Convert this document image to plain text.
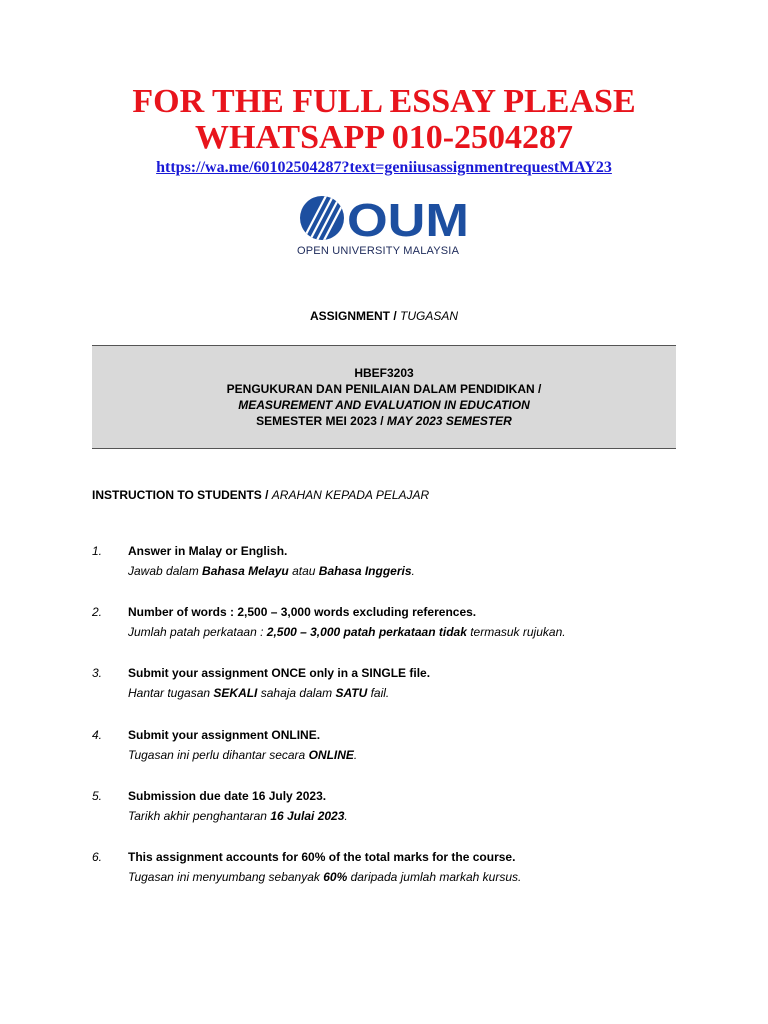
FOR THE FULL ESSAY PLEASE
WHATSAPP 010-2504287
https://wa.me/60102504287?text=geniiusassignmentrequestMAY23
OUM
OPEN UNIVERSITY MALAYSIA
ASSIGNMENT / TUGASAN
HBEF3203
PENGUKURAN DAN PENILAIAN DALAM PENDIDIKAN /
MEASUREMENT AND EVALUATION IN EDUCATION
SEMESTER MEI 2023 / MAY 2023 SEMESTER
INSTRUCTION TO STUDENTS / ARAHAN KEPADA PELAJAR
1. Answer in Malay or English.
Jawab dalam Bahasa Melayu atau Bahasa Inggeris.
2. Number of words : 2,500 – 3,000 words excluding references.
Jumlah patah perkataan : 2,500 – 3,000 patah perkataan tidak termasuk rujukan.
3. Submit your assignment ONCE only in a SINGLE file.
Hantar tugasan SEKALI sahaja dalam SATU fail.
4. Submit your assignment ONLINE.
Tugasan ini perlu dihantar secara ONLINE.
5. Submission due date 16 July 2023.
Tarikh akhir penghantaran 16 Julai 2023.
6. This assignment accounts for 60% of the total marks for the course.
Tugasan ini menyumbang sebanyak 60% daripada jumlah markah kursus.
